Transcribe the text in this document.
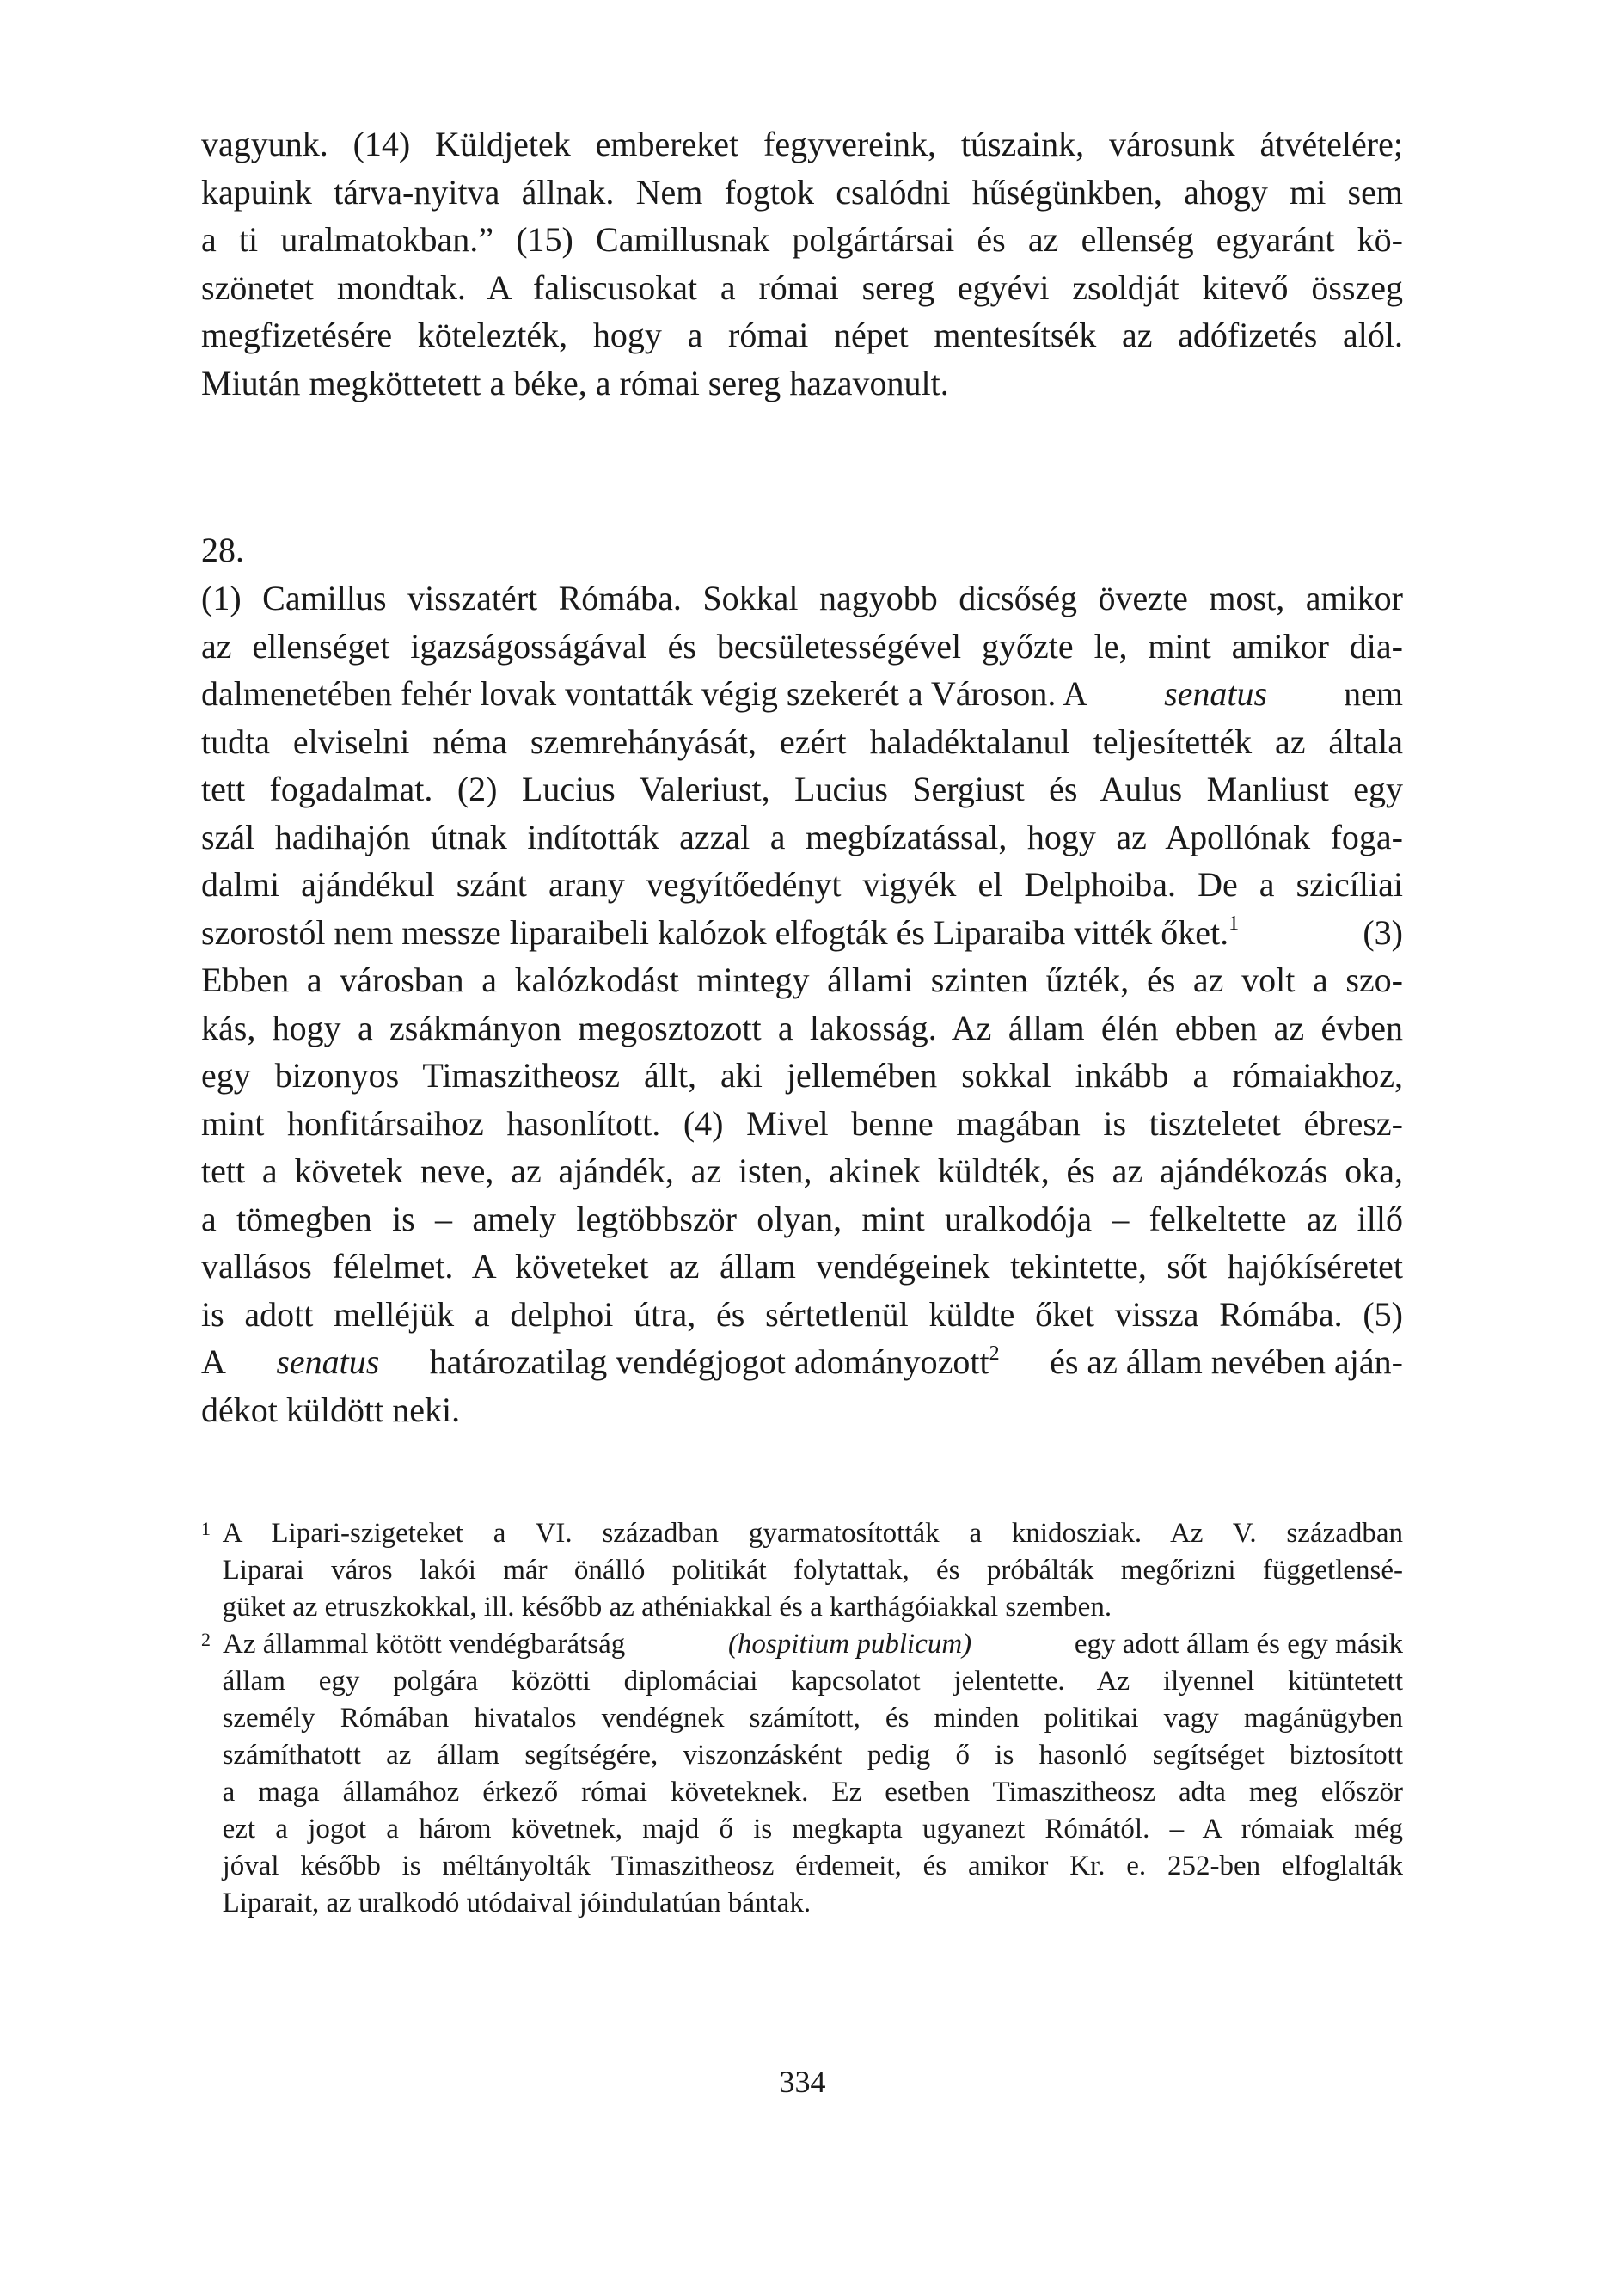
vagyunk. (14) Küldjetek embereket fegyvereink, túszaink, városunk átvételére;
kapuink tárva-nyitva állnak. Nem fogtok csalódni hűségünkben, ahogy mi sem
a ti uralmatokban.” (15) Camillusnak polgártársai és az ellenség egyaránt kö-
szönetet mondtak. A faliscusokat a római sereg egyévi zsoldját kitevő összeg
megfizetésére kötelezték, hogy a római népet mentesítsék az adófizetés alól.
Miután megköttetett a béke, a római sereg hazavonult.
28.
(1) Camillus visszatért Rómába. Sokkal nagyobb dicsőség övezte most, amikor
az ellenséget igazságosságával és becsületességével győzte le, mint amikor dia-
dalmenetében fehér lovak vontatták végig szekerét a Városon. A senatus nem
tudta elviselni néma szemrehányását, ezért haladéktalanul teljesítették az általa
tett fogadalmat. (2) Lucius Valeriust, Lucius Sergiust és Aulus Manliust egy
szál hadihajón útnak indították azzal a megbízatással, hogy az Apollónak foga-
dalmi ajándékul szánt arany vegyítőedényt vigyék el Delphoiba. De a szicíliai
szorostól nem messze liparaibeli kalózok elfogták és Liparaiba vitték őket.$^1$	(3)
Ebben a városban a kalózkodást mintegy állami szinten űzték, és az volt a szo-
kás, hogy a zsákmányon megosztozott a lakosság. Az állam élén ebben az évben
egy bizonyos Timaszitheosz állt, aki jellemében sokkal inkább a rómaiakhoz,
mint honfitársaihoz hasonlított. (4) Mivel benne magában is tiszteletet ébresz-
tett a követek neve, az ajándék, az isten, akinek küldték, és az ajándékozás oka,
a tömegben is – amely legtöbbször olyan, mint uralkodója – felkeltette az illő
vallásos félelmet. A követeket az állam vendégeinek tekintette, sőt hajókíséretet
is adott melléjük a delphoi útra, és sértetlenül küldte őket vissza Rómába. (5)
A senatus határozatilag vendégjogot adományozott$^2$ és az állam nevében aján-
dékot küldött neki.
1 A Lipari-szigeteket a VI. században gyarmatosították a knidosziak. Az V. században
Liparai város lakói már önálló politikát folytattak, és próbálták megőrizni függetlensé-
güket az etruszkokkal, ill. később az athéniakkal és a karthágóiakkal szemben.
2 Az állammal kötött vendégbarátság	(hospitium publicum)	egy adott állam és egy másik
állam egy polgára közötti diplomáciai kapcsolatot jelentette. Az ilyennel kitüntetett
személy Rómában hivatalos vendégnek számított, és minden politikai vagy magánügyben
számíthatott az állam segítségére, viszonzásként pedig ő is hasonló segítséget biztosított
a maga államához érkező római követeknek. Ez esetben Timaszitheosz adta meg először
ezt a jogot a három követnek, majd ő is megkapta ugyanezt Rómától. – A rómaiak még
jóval később is méltányolták Timaszitheosz érdemeit, és amikor Kr. e. 252-ben elfoglalták
Liparait, az uralkodó utódaival jóindulatúan bántak.
334
